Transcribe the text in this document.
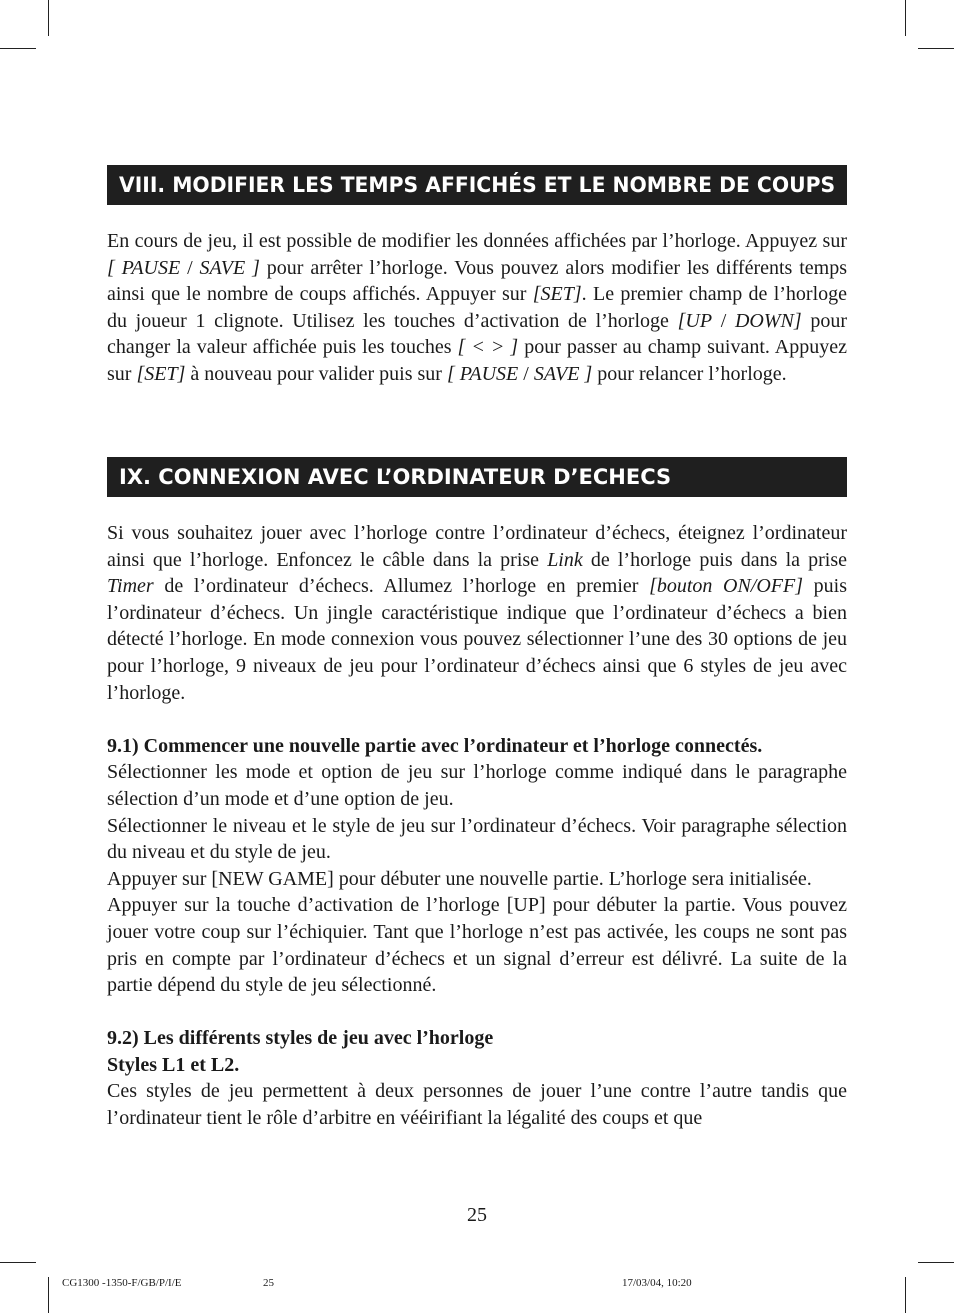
VIII. MODIFIER LES TEMPS AFFICHÉS ET LE NOMBRE DE COUPS

En cours de jeu, il est possible de modifier les données affichées par l’horloge. Appuyez sur [ PAUSE / SAVE ] pour arrêter l’horloge. Vous pouvez alors modifier les différents temps ainsi que le nombre de coups affichés. Appuyer sur [SET]. Le premier champ de l’horloge du joueur 1 clignote. Utilisez les touches d’activation de l’horloge [UP / DOWN] pour changer la valeur affichée puis les touches [ < > ] pour passer au champ suivant. Appuyez sur [SET] à nouveau pour valider puis sur [ PAUSE / SAVE ] pour relancer l’horloge.

IX. CONNEXION AVEC L’ORDINATEUR D’ECHECS

Si vous souhaitez jouer avec l’horloge contre l’ordinateur d’échecs, éteignez l’ordinateur ainsi que l’horloge. Enfoncez le câble dans la prise Link de l’horloge puis dans la prise Timer de l’ordinateur d’échecs. Allumez l’horloge en premier [bouton ON/OFF] puis l’ordinateur d’échecs. Un jingle caractéristique indique que l’ordinateur d’échecs a bien détecté l’horloge. En mode connexion vous pouvez sélectionner l’une des 30 options de jeu pour l’horloge, 9 niveaux de jeu pour l’ordinateur d’échecs ainsi que 6 styles de jeu avec l’horloge.

9.1) Commencer une nouvelle partie avec l’ordinateur et l’horloge connectés.

Sélectionner les mode et option de jeu sur l’horloge comme indiqué dans le paragraphe sélection d’un mode et d’une option de jeu.

Sélectionner le niveau et le style de jeu sur l’ordinateur d’échecs. Voir paragraphe sélection du niveau et du style de jeu.

Appuyer sur [NEW GAME] pour débuter une nouvelle partie. L’horloge sera initialisée.

Appuyer sur la touche d’activation de l’horloge [UP] pour débuter la partie. Vous pouvez jouer votre coup sur l’échiquier. Tant que l’horloge n’est pas activée, les coups ne sont pas pris en compte par l’ordinateur d’échecs et un signal d’erreur est délivré. La suite de la partie dépend du style de jeu sélectionné.

9.2) Les différents styles de jeu avec l’horloge

Styles L1 et L2.

Ces styles de jeu permettent à deux personnes de jouer l’une contre l’autre tandis que l’ordinateur tient le rôle d’arbitre en vééirifiant la légalité des coups et que

25
CG1300 -1350-F/GB/P/I/E	25	17/03/04, 10:20
